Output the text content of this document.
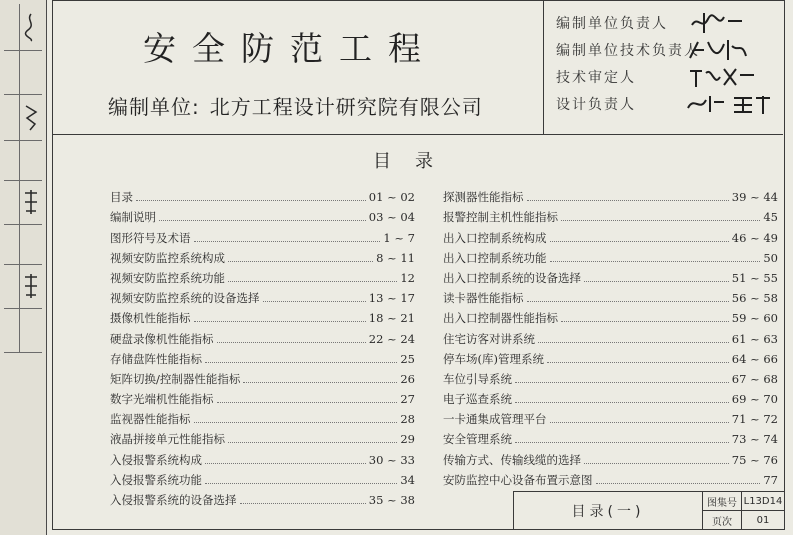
安全防范工程
编制单位: 北方工程设计研究院有限公司
编制单位负责人
编制单位技术负责人
技术审定人
设计负责人
目录
目录	01 ~ 02
编制说明	03 ~ 04
图形符号及术语	1 ~ 7
视频安防监控系统构成	8 ~ 11
视频安防监控系统功能	12
视频安防监控系统的设备选择	13 ~ 17
摄像机性能指标	18 ~ 21
硬盘录像机性能指标	22 ~ 24
存储盘阵性能指标	25
矩阵切换/控制器性能指标	26
数字光端机性能指标	27
监视器性能指标	28
液晶拼接单元性能指标	29
入侵报警系统构成	30 ~ 33
入侵报警系统功能	34
入侵报警系统的设备选择	35 ~ 38
探测器性能指标	39 ~ 44
报警控制主机性能指标	45
出入口控制系统构成	46 ~ 49
出入口控制系统功能	50
出入口控制系统的设备选择	51 ~ 55
读卡器性能指标	56 ~ 58
出入口控制器性能指标	59 ~ 60
住宅访客对讲系统	61 ~ 63
停车场(库)管理系统	64 ~ 66
车位引导系统	67 ~ 68
电子巡查系统	69 ~ 70
一卡通集成管理平台	71 ~ 72
安全管理系统	73 ~ 74
传输方式、传输线缆的选择	75 ~ 76
安防监控中心设备布置示意图	77
目录(一)
图集号 L13D14
页次	01
